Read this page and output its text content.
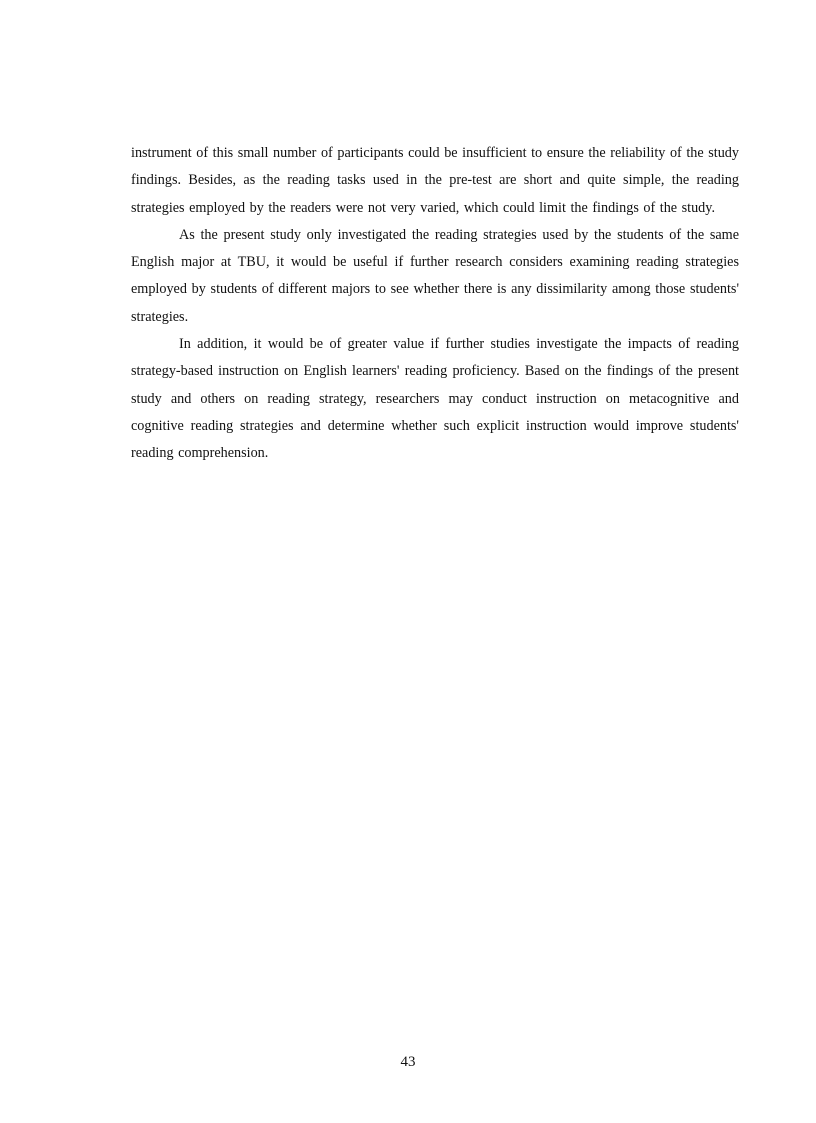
instrument of this small number of participants could be insufficient to ensure the reliability of the study findings. Besides, as the reading tasks used in the pre-test are short and quite simple, the reading strategies employed by the readers were not very varied, which could limit the findings of the study.

As the present study only investigated the reading strategies used by the students of the same English major at TBU, it would be useful if further research considers examining reading strategies employed by students of different majors to see whether there is any dissimilarity among those students' strategies.

In addition, it would be of greater value if further studies investigate the impacts of reading strategy-based instruction on English learners' reading proficiency. Based on the findings of the present study and others on reading strategy, researchers may conduct instruction on metacognitive and cognitive reading strategies and determine whether such explicit instruction would improve students' reading comprehension.

43
